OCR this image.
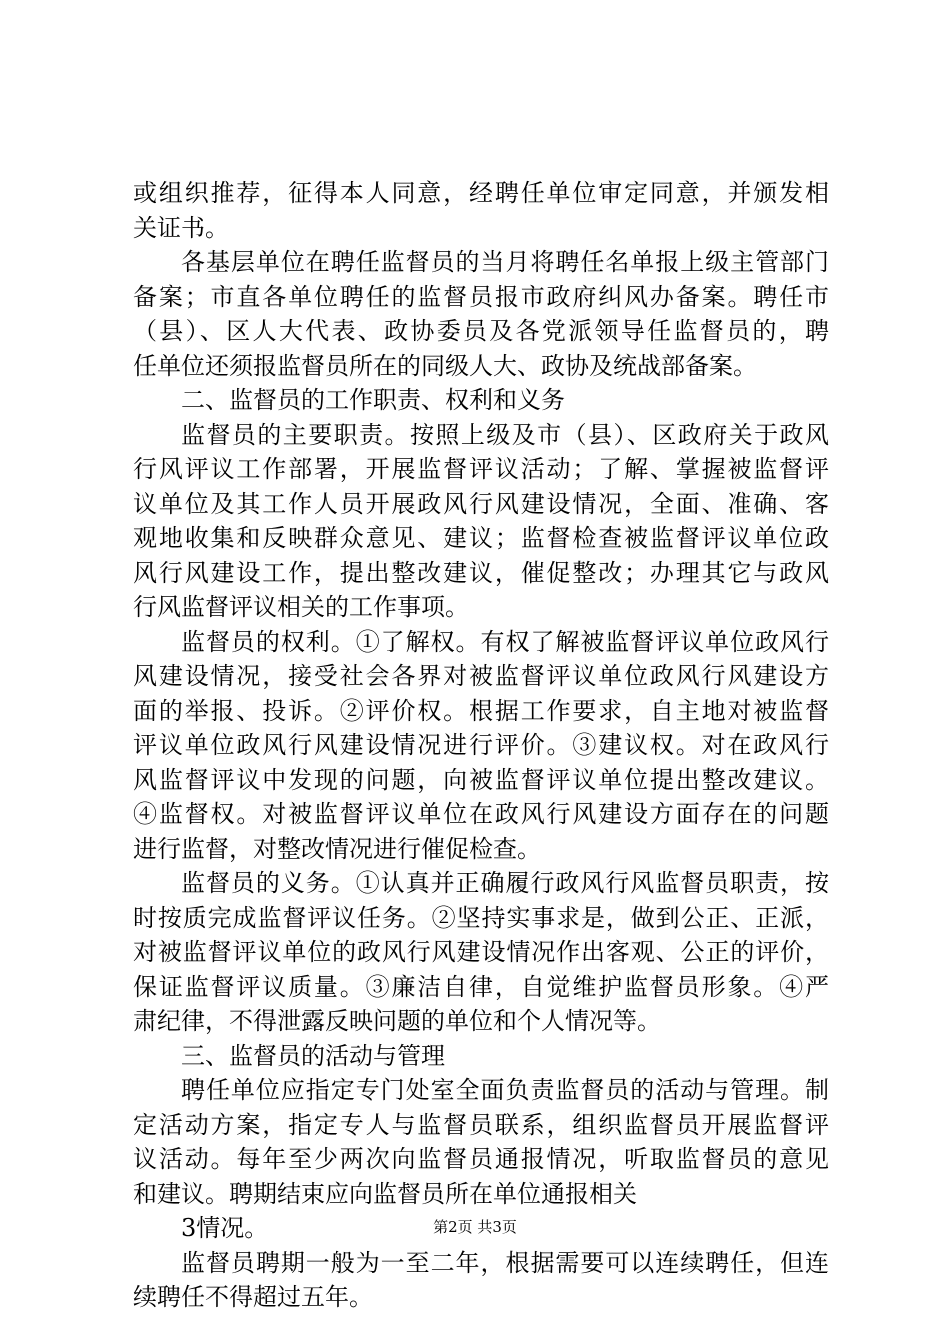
或组织推荐，征得本人同意，经聘任单位审定同意，并颁发相
关证书。
各基层单位在聘任监督员的当月将聘任名单报上级主管部门
备案；市直各单位聘任的监督员报市政府纠风办备案。聘任市
（县）、区人大代表、政协委员及各党派领导任监督员的，聘
任单位还须报监督员所在的同级人大、政协及统战部备案。
二、监督员的工作职责、权利和义务
监督员的主要职责。按照上级及市（县）、区政府关于政风
行风评议工作部署，开展监督评议活动；了解、掌握被监督评
议单位及其工作人员开展政风行风建设情况，全面、准确、客
观地收集和反映群众意见、建议；监督检查被监督评议单位政
风行风建设工作，提出整改建议，催促整改；办理其它与政风
行风监督评议相关的工作事项。
监督员的权利。①了解权。有权了解被监督评议单位政风行
风建设情况，接受社会各界对被监督评议单位政风行风建设方
面的举报、投诉。②评价权。根据工作要求，自主地对被监督
评议单位政风行风建设情况进行评价。③建议权。对在政风行
风监督评议中发现的问题，向被监督评议单位提出整改建议。
④监督权。对被监督评议单位在政风行风建设方面存在的问题
进行监督，对整改情况进行催促检查。
监督员的义务。①认真并正确履行政风行风监督员职责，按
时按质完成监督评议任务。②坚持实事求是，做到公正、正派，
对被监督评议单位的政风行风建设情况作出客观、公正的评价，
保证监督评议质量。③廉洁自律，自觉维护监督员形象。④严
肃纪律，不得泄露反映问题的单位和个人情况等。
三、监督员的活动与管理
聘任单位应指定专门处室全面负责监督员的活动与管理。制
定活动方案，指定专人与监督员联系，组织监督员开展监督评
议活动。每年至少两次向监督员通报情况，听取监督员的意见
和建议。聘期结束应向监督员所在单位通报相关
3情况。
监督员聘期一般为一至二年，根据需要可以连续聘任，但连
续聘任不得超过五年。
第2页 共3页
